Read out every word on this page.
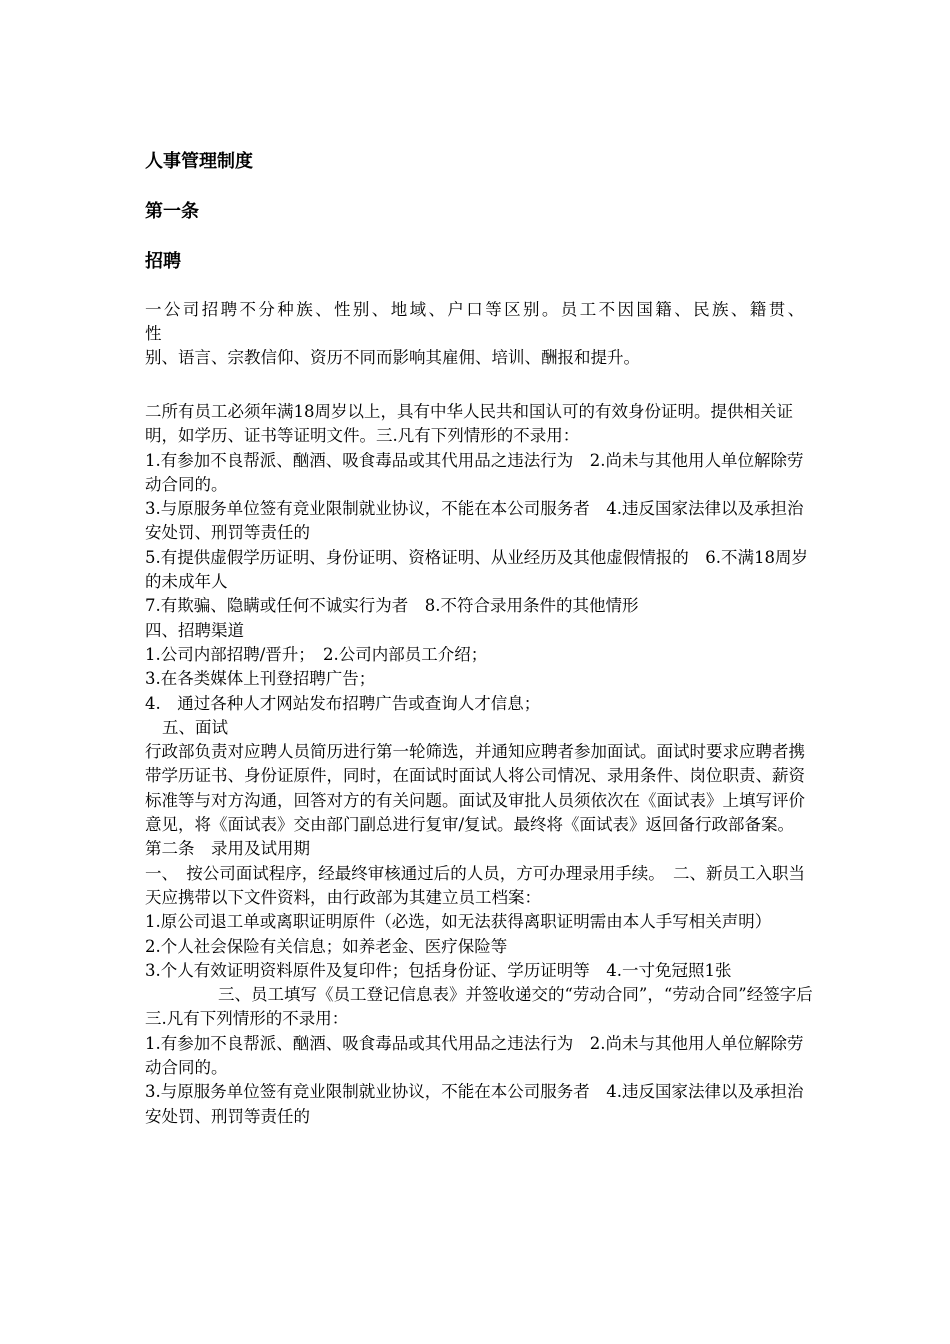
人事管理制度
第一条
招聘

一公司招聘不分种族、性别、地域、户口等区别。员工不因国籍、民族、籍贯、性

别、语言、宗教信仰、资历不同而影响其雇佣、培训、酬报和提升。

二所有员工必须年满18周岁以上，具有中华人民共和国认可的有效身份证明。提供相关证明，如学历、证书等证明文件。三.凡有下列情形的不录用：

1.有参加不良帮派、酗酒、吸食毒品或其代用品之违法行为　2.尚未与其他用人单位解除劳动合同的。

3.与原服务单位签有竞业限制就业协议，不能在本公司服务者　4.违反国家法律以及承担治安处罚、刑罚等责任的

5.有提供虚假学历证明、身份证明、资格证明、从业经历及其他虚假情报的　6.不满18周岁的未成年人

7.有欺骗、隐瞒或任何不诚实行为者　8.不符合录用条件的其他情形

四、招聘渠道

1.公司内部招聘/晋升；　2.公司内部员工介绍；

3.在各类媒体上刊登招聘广告；

4.　通过各种人才网站发布招聘广告或查询人才信息；

五、面试

行政部负责对应聘人员简历进行第一轮筛选，并通知应聘者参加面试。面试时要求应聘者携带学历证书、身份证原件，同时，在面试时面试人将公司情况、录用条件、岗位职责、薪资标准等与对方沟通，回答对方的有关问题。面试及审批人员须依次在《面试表》上填写评价意见，将《面试表》交由部门副总进行复审/复试。最终将《面试表》返回备行政部备案。

第二条　录用及试用期

一、　按公司面试程序，经最终审核通过后的人员，方可办理录用手续。　二、新员工入职当天应携带以下文件资料，由行政部为其建立员工档案：

1.原公司退工单或离职证明原件（必选，如无法获得离职证明需由本人手写相关声明）

2.个人社会保险有关信息；如养老金、医疗保险等

3.个人有效证明资料原件及复印件；包括身份证、学历证明等　4.一寸免冠照1张

三、员工填写《员工登记信息表》并签收递交的“劳动合同”，“劳动合同”经签字后三.凡有下列情形的不录用：

1.有参加不良帮派、酗酒、吸食毒品或其代用品之违法行为　2.尚未与其他用人单位解除劳动合同的。

3.与原服务单位签有竞业限制就业协议，不能在本公司服务者　4.违反国家法律以及承担治安处罚、刑罚等责任的
